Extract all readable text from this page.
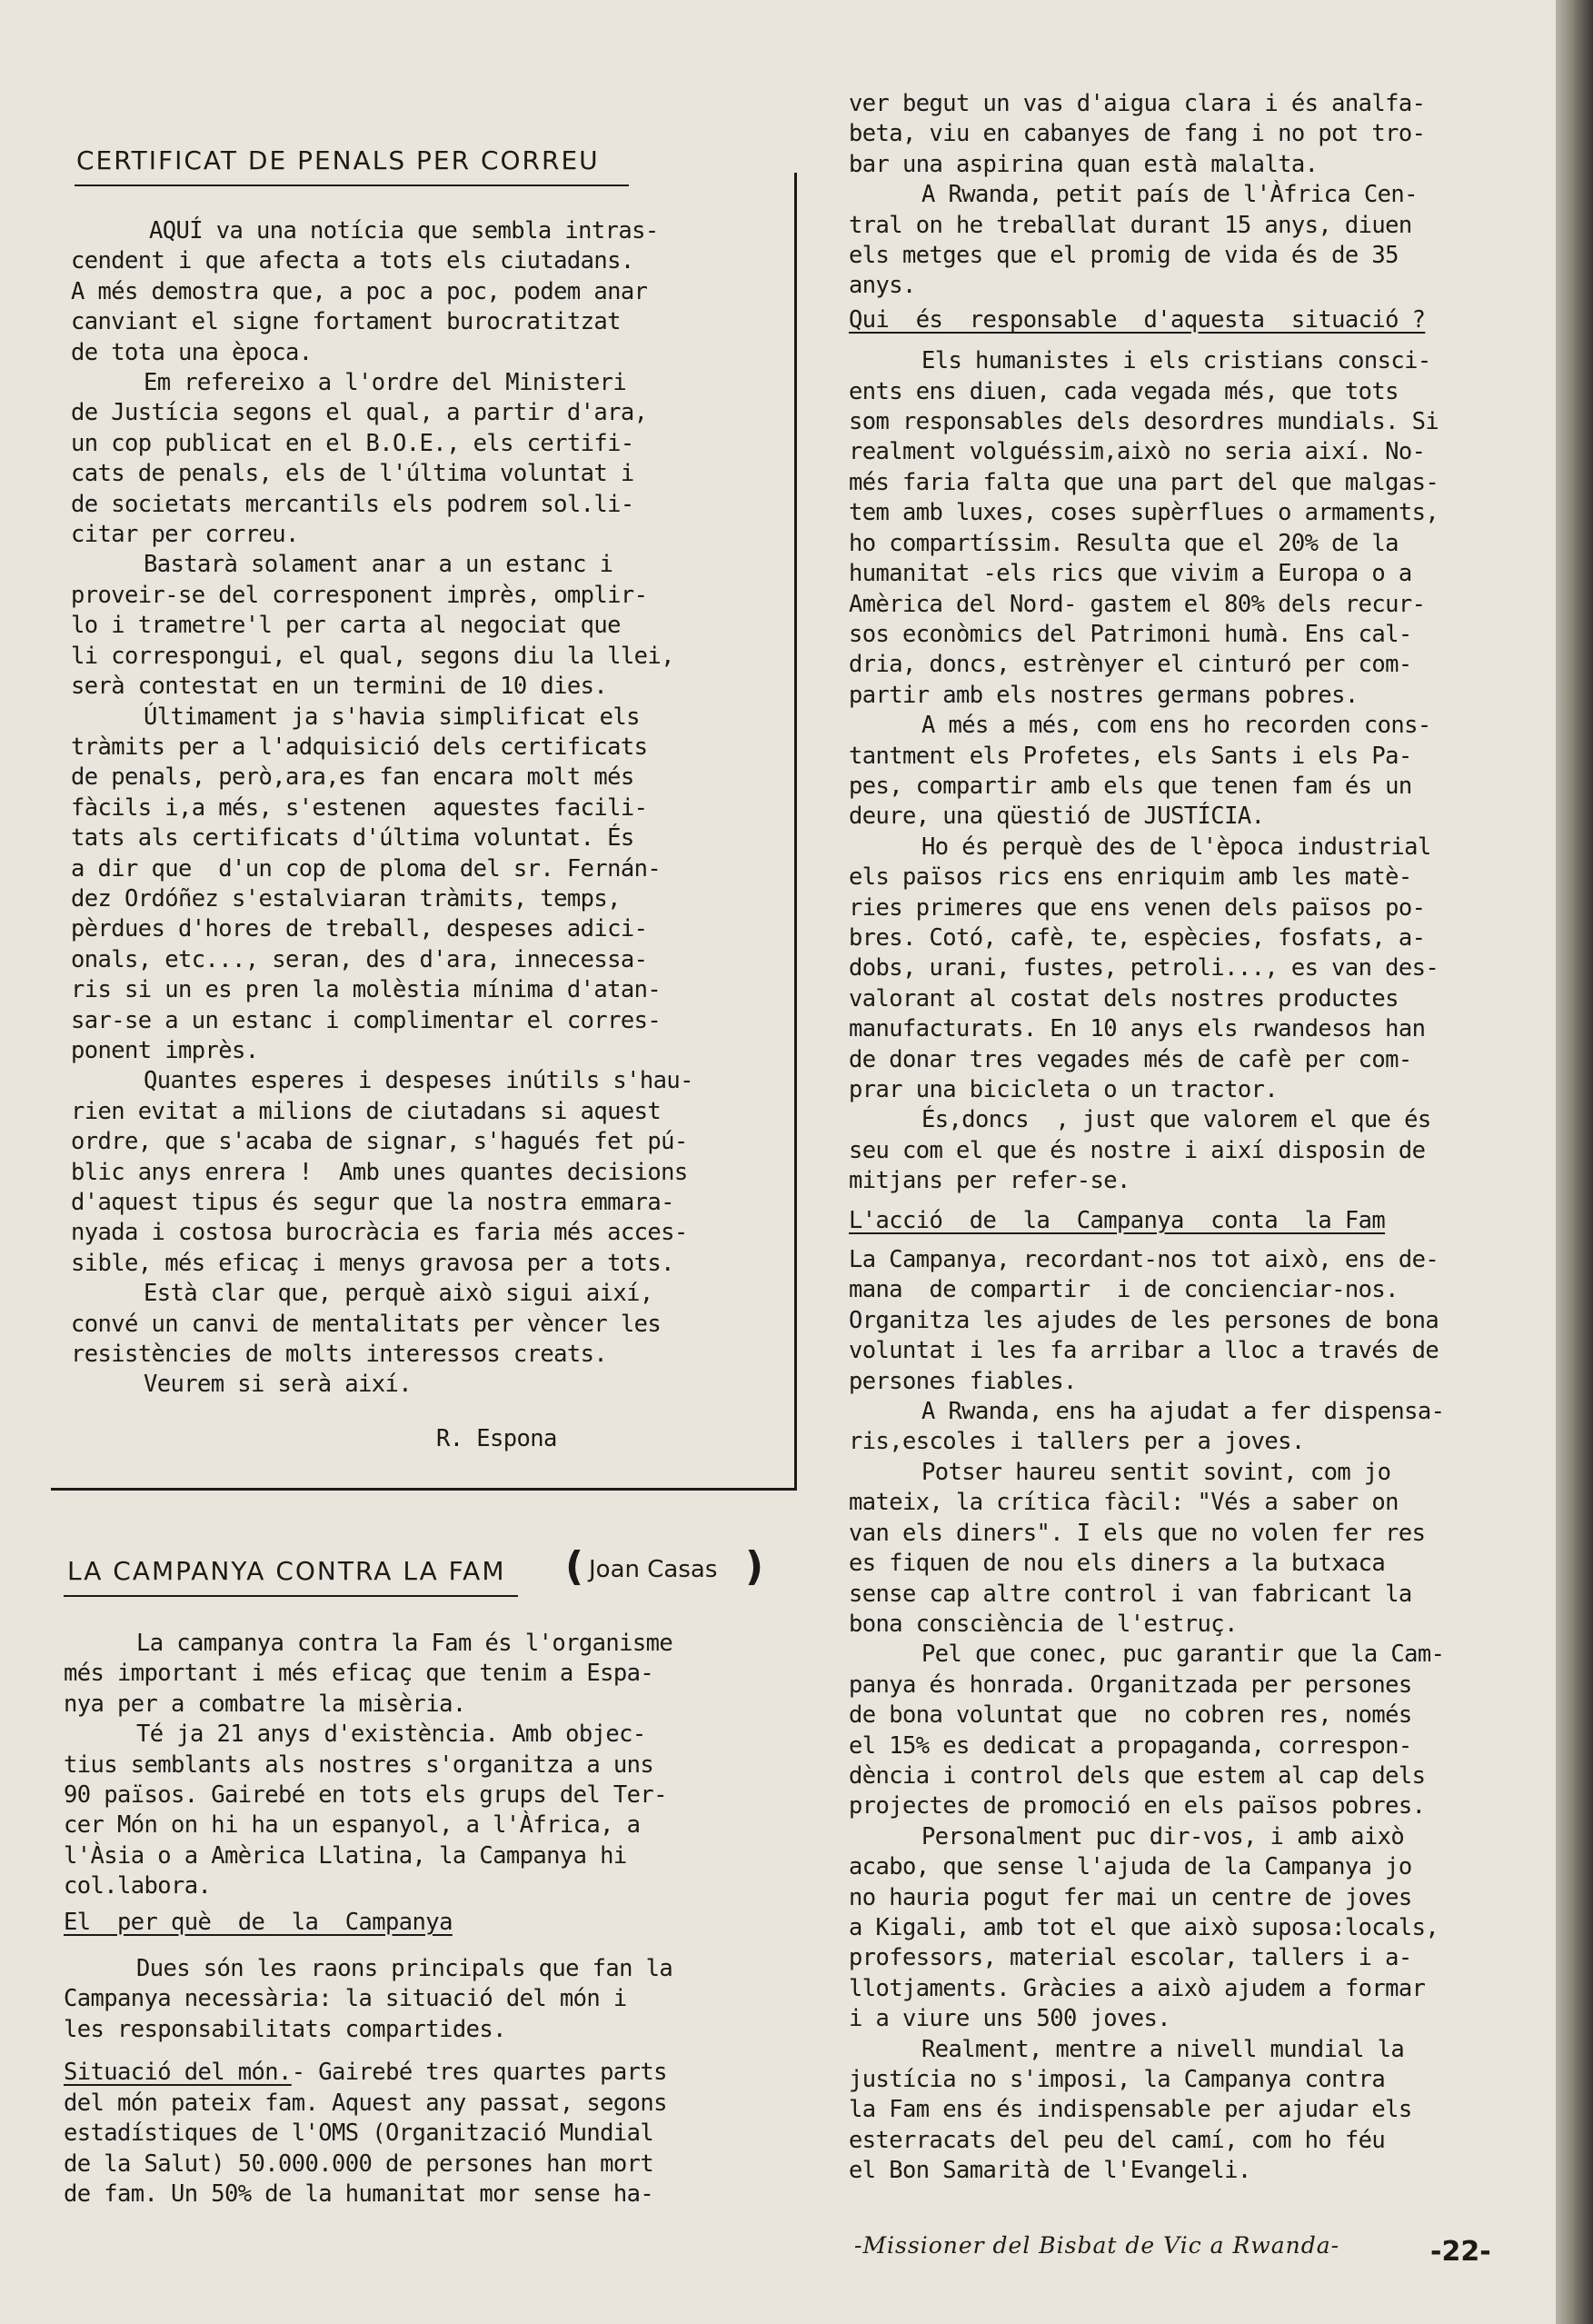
CERTIFICAT DE PENALS PER CORREU

AQUÍ va una notícia que sembla intras-
cendent i que afecta a tots els ciutadans.
A més demostra que, a poc a poc, podem anar
canviant el signe fortament burocratitzat
de tota una època.

Em refereixo a l'ordre del Ministeri
de Justícia segons el qual, a partir d'ara,
un cop publicat en el B.O.E., els certifi-
cats de penals, els de l'última voluntat i
de societats mercantils els podrem sol.li-
citar per correu.

Bastarà solament anar a un estanc i
proveir-se del corresponent imprès, omplir-
lo i trametre'l per carta al negociat que
li correspongui, el qual, segons diu la llei,
serà contestat en un termini de 10 dies.

Últimament ja s'havia simplificat els
tràmits per a l'adquisició dels certificats
de penals, però,ara,es fan encara molt més
fàcils i,a més, s'estenen  aquestes facili-
tats als certificats d'última voluntat. És
a dir que  d'un cop de ploma del sr. Fernán-
dez Ordóñez s'estalviaran tràmits, temps,
pèrdues d'hores de treball, despeses adici-
onals, etc..., seran, des d'ara, innecessa-
ris si un es pren la molèstia mínima d'atan-
sar-se a un estanc i complimentar el corres-
ponent imprès.

Quantes esperes i despeses inútils s'hau-
rien evitat a milions de ciutadans si aquest
ordre, que s'acaba de signar, s'hagués fet pú-
blic anys enrera !  Amb unes quantes decisions
d'aquest tipus és segur que la nostra emmara-
nyada i costosa burocràcia es faria més acces-
sible, més eficaç i menys gravosa per a tots.

Està clar que, perquè això sigui així,
convé un canvi de mentalitats per vèncer les
resistències de molts interessos creats.

Veurem si serà així.

R. Espona

LA CAMPANYA CONTRA LA FAM ( Joan Casas )

La campanya contra la Fam és l'organisme
més important i més eficaç que tenim a Espa-
nya per a combatre la misèria.

Té ja 21 anys d'existència. Amb objec-
tius semblants als nostres s'organitza a uns
90 països. Gairebé en tots els grups del Ter-
cer Món on hi ha un espanyol, a l'Àfrica, a
l'Àsia o a Amèrica Llatina, la Campanya hi
col.labora.

El  per què  de  la  Campanya

Dues són les raons principals que fan la
Campanya necessària: la situació del món i
les responsabilitats compartides.

Situació del món.- Gairebé tres quartes parts
del món pateix fam. Aquest any passat, segons
estadístiques de l'OMS (Organització Mundial
de la Salut) 50.000.000 de persones han mort
de fam. Un 50% de la humanitat mor sense ha-

ver begut un vas d'aigua clara i és analfa-
beta, viu en cabanyes de fang i no pot tro-
bar una aspirina quan està malalta.

A Rwanda, petit país de l'Àfrica Cen-
tral on he treballat durant 15 anys, diuen
els metges que el promig de vida és de 35
anys.

Qui  és  responsable  d'aquesta  situació ?

Els humanistes i els cristians consci-
ents ens diuen, cada vegada més, que tots
som responsables dels desordres mundials. Si
realment volguéssim,això no seria així. No-
més faria falta que una part del que malgas-
tem amb luxes, coses supèrflues o armaments,
ho compartíssim. Resulta que el 20% de la
humanitat -els rics que vivim a Europa o a
Amèrica del Nord- gastem el 80% dels recur-
sos econòmics del Patrimoni humà. Ens cal-
dria, doncs, estrènyer el cinturó per com-
partir amb els nostres germans pobres.

A més a més, com ens ho recorden cons-
tantment els Profetes, els Sants i els Pa-
pes, compartir amb els que tenen fam és un
deure, una qüestió de JUSTÍCIA.

Ho és perquè des de l'època industrial
els països rics ens enriquim amb les matè-
ries primeres que ens venen dels països po-
bres. Cotó, cafè, te, espècies, fosfats, a-
dobs, urani, fustes, petroli..., es van des-
valorant al costat dels nostres productes
manufacturats. En 10 anys els rwandesos han
de donar tres vegades més de cafè per com-
prar una bicicleta o un tractor.

És,doncs  , just que valorem el que és
seu com el que és nostre i així disposin de
mitjans per refer-se.

L'acció  de  la  Campanya  conta  la Fam

La Campanya, recordant-nos tot això, ens de-
mana  de compartir  i de concienciar-nos.
Organitza les ajudes de les persones de bona
voluntat i les fa arribar a lloc a través de
persones fiables.

A Rwanda, ens ha ajudat a fer dispensa-
ris,escoles i tallers per a joves.

Potser haureu sentit sovint, com jo
mateix, la crítica fàcil: "Vés a saber on
van els diners". I els que no volen fer res
es fiquen de nou els diners a la butxaca
sense cap altre control i van fabricant la
bona consciència de l'estruç.

Pel que conec, puc garantir que la Cam-
panya és honrada. Organitzada per persones
de bona voluntat que  no cobren res, només
el 15% es dedicat a propaganda, correspon-
dència i control dels que estem al cap dels
projectes de promoció en els països pobres.

Personalment puc dir-vos, i amb això
acabo, que sense l'ajuda de la Campanya jo
no hauria pogut fer mai un centre de joves
a Kigali, amb tot el que això suposa:locals,
professors, material escolar, tallers i a-
llotjaments. Gràcies a això ajudem a formar
i a viure uns 500 joves.

Realment, mentre a nivell mundial la
justícia no s'imposi, la Campanya contra
la Fam ens és indispensable per ajudar els
esterracats del peu del camí, com ho féu
el Bon Samarità de l'Evangeli.

-Missioner del Bisbat de Vic a Rwanda-	-22-
